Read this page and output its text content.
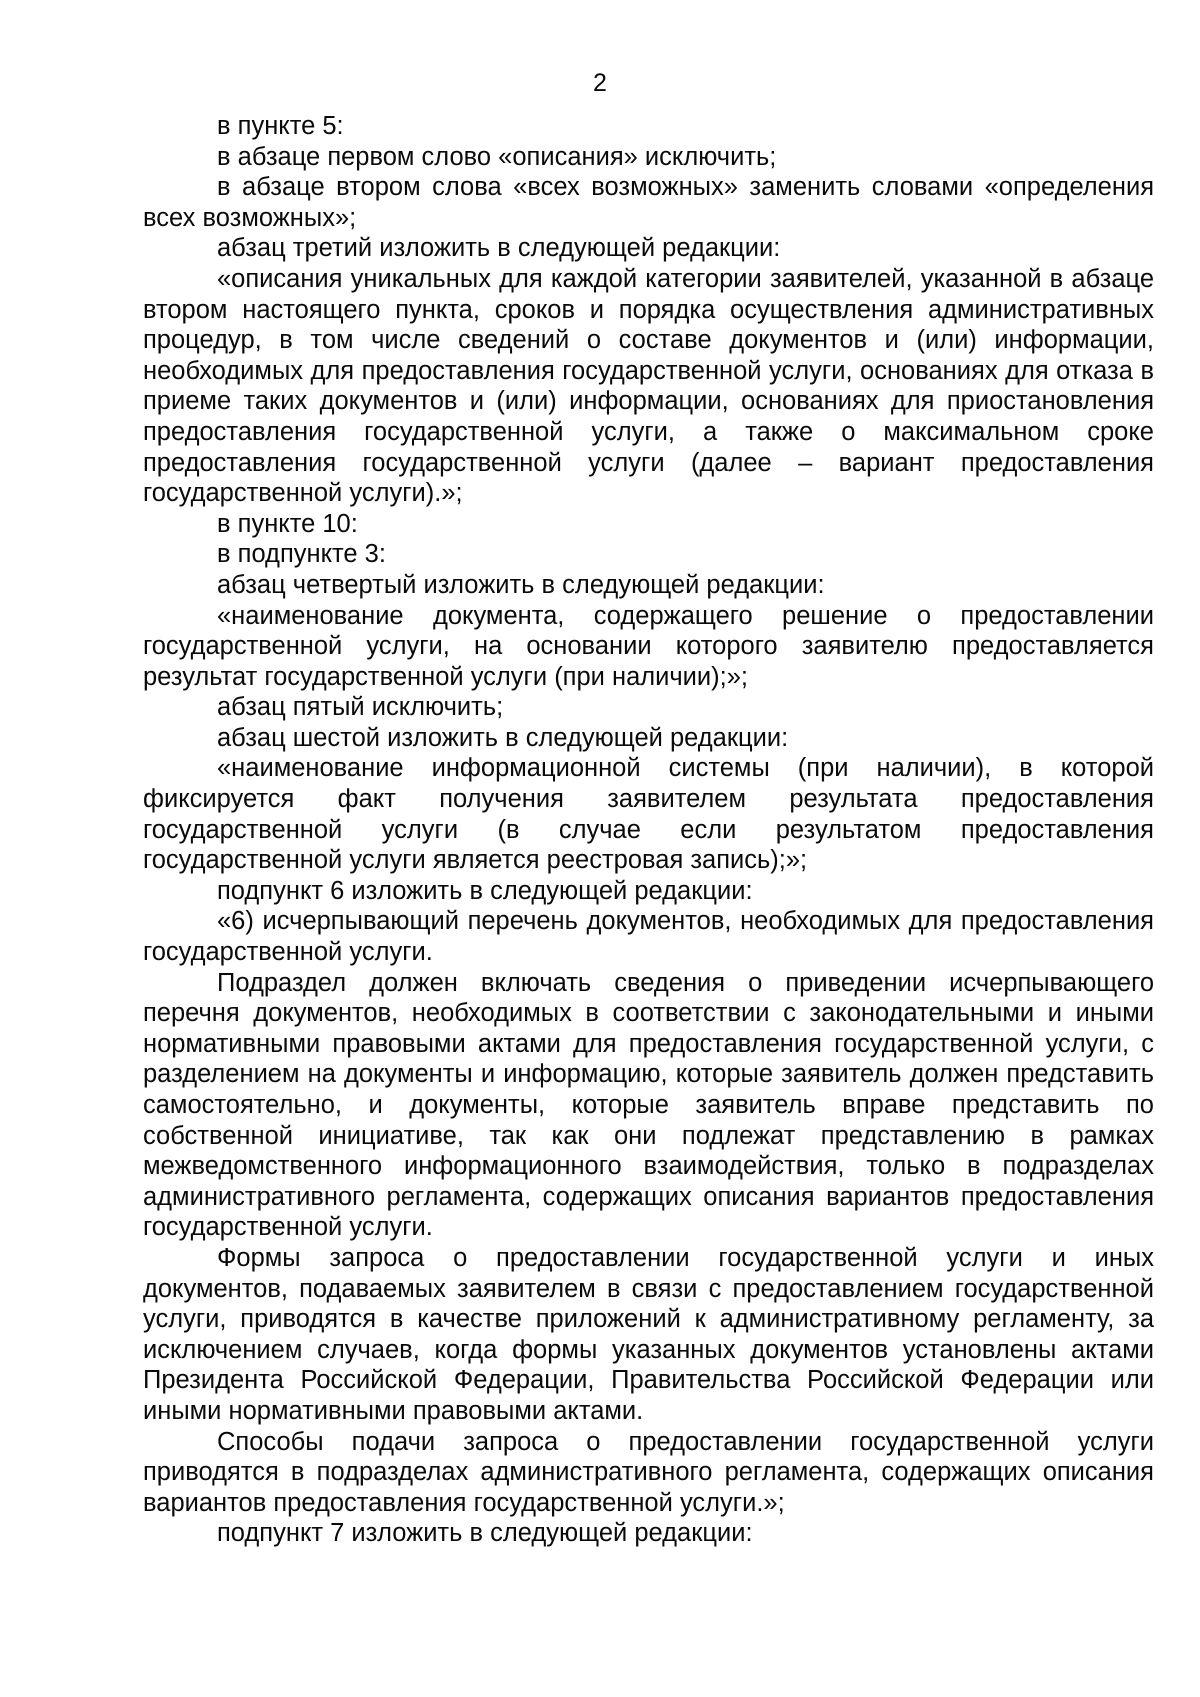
2

в пункте 5:

в абзаце первом слово «описания» исключить;

в абзаце втором слова «всех возможных» заменить словами «определения всех возможных»;

абзац третий изложить в следующей редакции:

«описания уникальных для каждой категории заявителей, указанной в абзаце втором настоящего пункта, сроков и порядка осуществления административных процедур, в том числе сведений о составе документов и (или) информации, необходимых для предоставления государственной услуги, основаниях для отказа в приеме таких документов и (или) информации, основаниях для приостановления предоставления государственной услуги, а также о максимальном сроке предоставления государственной услуги (далее – вариант предоставления государственной услуги).»;

в пункте 10:

в подпункте 3:

абзац четвертый изложить в следующей редакции:

«наименование документа, содержащего решение о предоставлении государственной услуги, на основании которого заявителю предоставляется результат государственной услуги (при наличии);»;

абзац пятый исключить;

абзац шестой изложить в следующей редакции:

«наименование информационной системы (при наличии), в которой фиксируется факт получения заявителем результата предоставления государственной услуги (в случае если результатом предоставления государственной услуги является реестровая запись);»;

подпункт 6 изложить в следующей редакции:

«6) исчерпывающий перечень документов, необходимых для предоставления государственной услуги.

Подраздел должен включать сведения о приведении исчерпывающего перечня документов, необходимых в соответствии с законодательными и иными нормативными правовыми актами для предоставления государственной услуги, с разделением на документы и информацию, которые заявитель должен представить самостоятельно, и документы, которые заявитель вправе представить по собственной инициативе, так как они подлежат представлению в рамках межведомственного информационного взаимодействия, только в подразделах административного регламента, содержащих описания вариантов предоставления государственной услуги.

Формы запроса о предоставлении государственной услуги и иных документов, подаваемых заявителем в связи с предоставлением государственной услуги, приводятся в качестве приложений к административному регламенту, за исключением случаев, когда формы указанных документов установлены актами Президента Российской Федерации, Правительства Российской Федерации или иными нормативными правовыми актами.

Способы подачи запроса о предоставлении государственной услуги приводятся в подразделах административного регламента, содержащих описания вариантов предоставления государственной услуги.»;

подпункт 7 изложить в следующей редакции:
